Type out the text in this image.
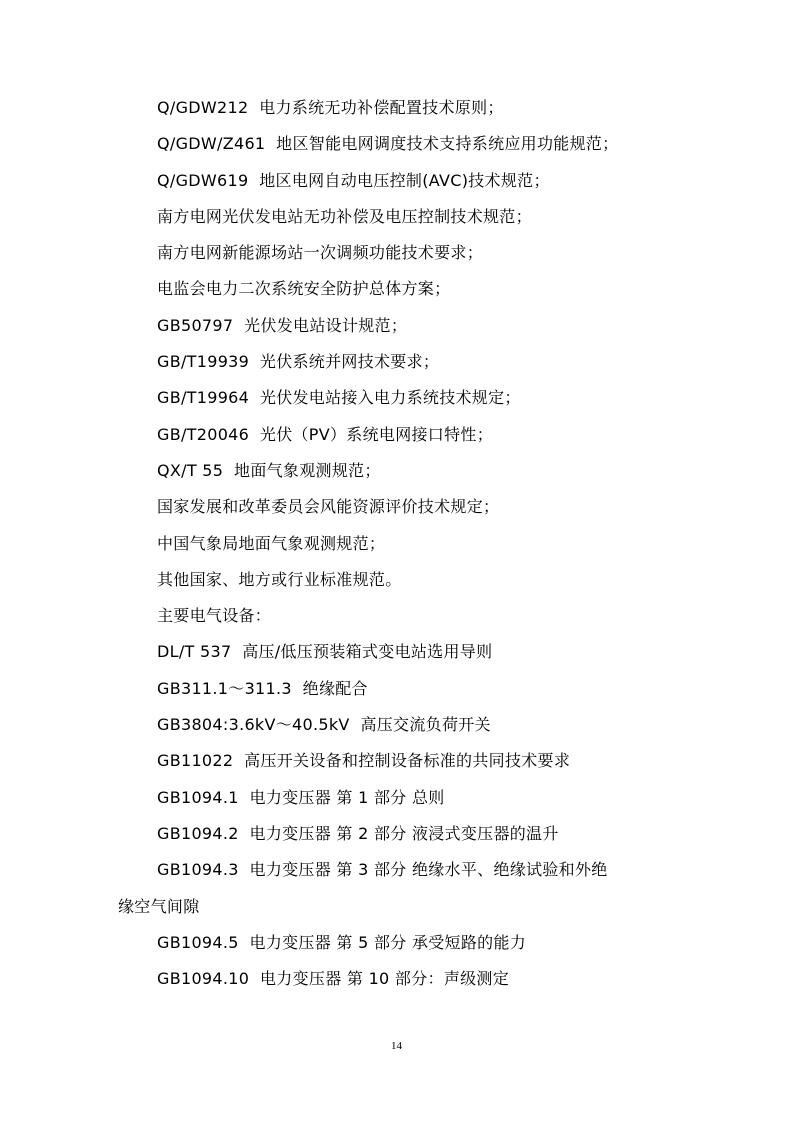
Q/GDW212  电力系统无功补偿配置技术原则；
Q/GDW/Z461  地区智能电网调度技术支持系统应用功能规范；
Q/GDW619  地区电网自动电压控制(AVC)技术规范；
南方电网光伏发电站无功补偿及电压控制技术规范；
南方电网新能源场站一次调频功能技术要求；
电监会电力二次系统安全防护总体方案；
GB50797  光伏发电站设计规范；
GB/T19939  光伏系统并网技术要求；
GB/T19964  光伏发电站接入电力系统技术规定；
GB/T20046  光伏（PV）系统电网接口特性；
QX/T 55  地面气象观测规范；
国家发展和改革委员会风能资源评价技术规定；
中国气象局地面气象观测规范；
其他国家、地方或行业标准规范。
主要电气设备：
DL/T 537  高压/低压预装箱式变电站选用导则
GB311.1～311.3  绝缘配合
GB3804:3.6kV～40.5kV  高压交流负荷开关
GB11022  高压开关设备和控制设备标准的共同技术要求
GB1094.1  电力变压器 第 1 部分 总则
GB1094.2  电力变压器 第 2 部分 液浸式变压器的温升
GB1094.3  电力变压器 第 3 部分 绝缘水平、绝缘试验和外绝
缘空气间隙
GB1094.5  电力变压器 第 5 部分 承受短路的能力
GB1094.10  电力变压器 第 10 部分：声级测定
14
